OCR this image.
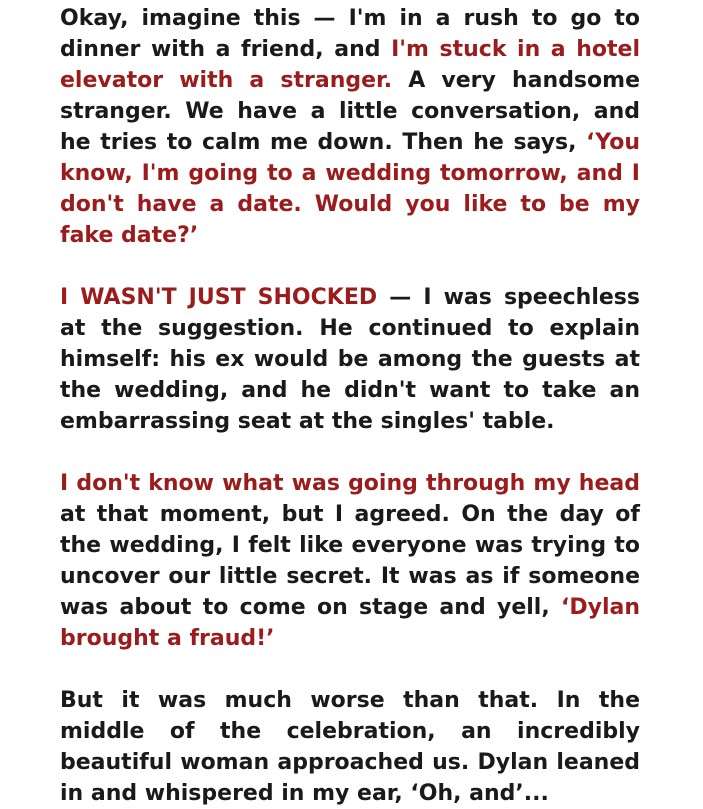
Okay, imagine this — I'm in a rush to go to dinner with a friend, and I'm stuck in a hotel elevator with a stranger. A very handsome stranger. We have a little conversation, and he tries to calm me down. Then he says, ‘You know, I'm going to a wedding tomorrow, and I don't have a date. Would you like to be my fake date?’

I WASN'T JUST SHOCKED — I was speechless at the suggestion. He continued to explain himself: his ex would be among the guests at the wedding, and he didn't want to take an embarrassing seat at the singles' table.

I don't know what was going through my head at that moment, but I agreed. On the day of the wedding, I felt like everyone was trying to uncover our little secret. It was as if someone was about to come on stage and yell, ‘Dylan brought a fraud!’

But it was much worse than that. In the middle of the celebration, an incredibly beautiful woman approached us. Dylan leaned in and whispered in my ear, ‘Oh, and’...
